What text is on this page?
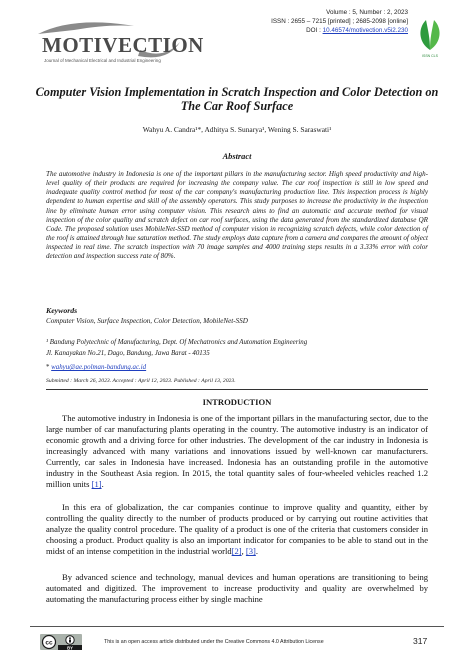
MOTIVECTION
Journal of Mechanical Electrical and Industrial Engineering
Volume : 5, Number : 2, 2023
ISSN : 2655 – 7215 [printed] ; 2685-2098 [online]
DOI : 10.46574/motivection.v5i2.230
ISSN CLS
Computer Vision Implementation in Scratch Inspection and Color Detection on The Car Roof Surface
Wahyu A. Candra¹*, Adhitya S. Sunarya¹, Wening S. Saraswati¹
Abstract
The automotive industry in Indonesia is one of the important pillars in the manufacturing sector. High speed productivity and high-level quality of their products are required for increasing the company value. The car roof inspection is still in low speed and inadequate quality control method for most of the car company's manufacturing production line. This inspection process is highly dependent to human expertise and skill of the assembly operators. This study purposes to increase the productivity in the inspection line by eliminate human error using computer vision. This research aims to find an automatic and accurate method for visual inspection of the color quality and scratch defect on car roof surfaces, using the data generated from the standardized database QR Code. The proposed solution uses MobileNet-SSD method of computer vision in recognizing scratch defects, while color detection of the roof is attained through hue saturation method. The study employs data capture from a camera and compares the amount of object inspected in real time. The scratch inspection with 70 image samples and 4000 training steps results in a 3.33% error with color detection and inspection success rate of 80%.
Keywords
Computer Vision, Surface Inspection, Color Detection, MobileNet-SSD
¹ Bandung Polytechnic of Manufacturing, Dept. Of Mechatronics and Automation Engineering
Jl. Kanayakan No.21, Dago, Bandung, Jawa Barat - 40135
* wahyu@ae.polman-bandung.ac.id
Submitted : March 26, 2023. Accepted : April 12, 2023. Published : April 13, 2023.
INTRODUCTION
The automotive industry in Indonesia is one of the important pillars in the manufacturing sector, due to the large number of car manufacturing plants operating in the country. The automotive industry is an indicator of economic growth and a driving force for other industries. The development of the car industry in Indonesia is increasingly advanced with many variations and innovations issued by well-known car manufacturers. Currently, car sales in Indonesia have increased. Indonesia has an outstanding profile in the automotive industry in the Southeast Asia region. In 2015, the total quantity sales of four-wheeled vehicles reached 1.2 million units [1].
In this era of globalization, the car companies continue to improve quality and quantity, either by controlling the quality directly to the number of products produced or by carrying out routine activities that analyze the quality control procedure. The quality of a product is one of the criteria that customers consider in choosing a product. Product quality is also an important indicator for companies to be able to stand out in the midst of an intense competition in the industrial world[2], [3].
By advanced science and technology, manual devices and human operations are transitioning to being automated and digitized. The improvement to increase productivity and quality are overwhelmed by automating the manufacturing process either by single machine
cc
BY
This is an open access article distributed under the Creative Commons 4.0 Attribution License	317
